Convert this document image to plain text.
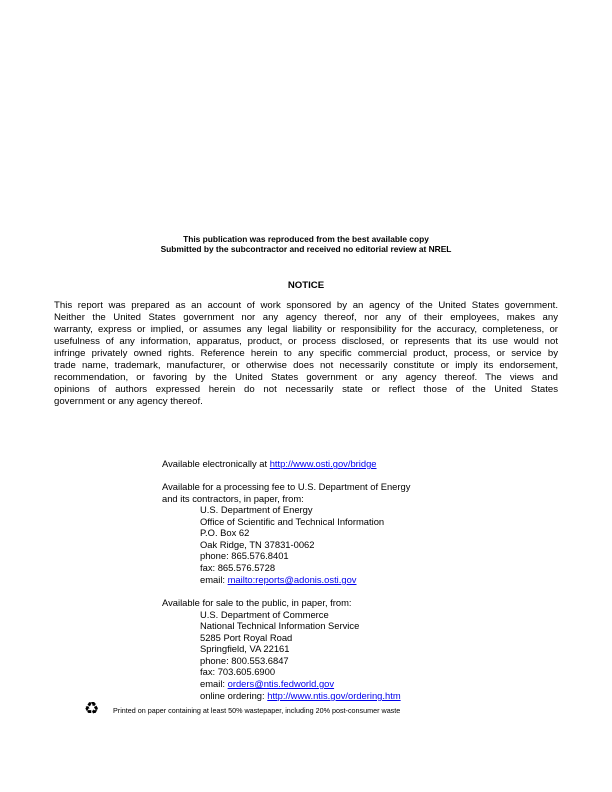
This publication was reproduced from the best available copy
Submitted by the subcontractor and received no editorial review at NREL
NOTICE
This report was prepared as an account of work sponsored by an agency of the United States government.
Neither the United States government nor any agency thereof, nor any of their employees, makes any
warranty, express or implied, or assumes any legal liability or responsibility for the accuracy, completeness, or
usefulness of any information, apparatus, product, or process disclosed, or represents that its use would not
infringe privately owned rights. Reference herein to any specific commercial product, process, or service by
trade name, trademark, manufacturer, or otherwise does not necessarily constitute or imply its endorsement,
recommendation, or favoring by the United States government or any agency thereof. The views and
opinions of authors expressed herein do not necessarily state or reflect those of the United States
government or any agency thereof.
Available electronically at http://www.osti.gov/bridge
Available for a processing fee to U.S. Department of Energy
and its contractors, in paper, from:
U.S. Department of Energy
Office of Scientific and Technical Information
P.O. Box 62
Oak Ridge, TN 37831-0062
phone: 865.576.8401
fax: 865.576.5728
email: mailto:reports@adonis.osti.gov
Available for sale to the public, in paper, from:
U.S. Department of Commerce
National Technical Information Service
5285 Port Royal Road
Springfield, VA 22161
phone: 800.553.6847
fax: 703.605.6900
email: orders@ntis.fedworld.gov
online ordering: http://www.ntis.gov/ordering.htm
♻ Printed on paper containing at least 50% wastepaper, including 20% post-consumer waste
